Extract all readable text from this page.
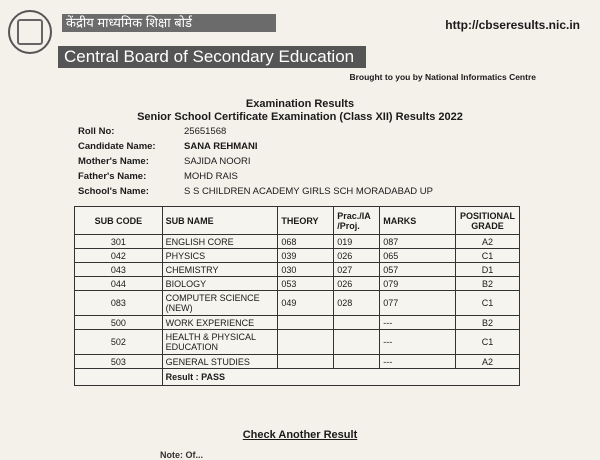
केंद्रीय माध्यमिक शिक्षा बोर्ड
Central Board of Secondary Education
http://cbseresults.nic.in
Brought to you by National Informatics Centre
Examination Results
Senior School Certificate Examination (Class XII) Results 2022
Roll No:	25651568
Candidate Name:	SANA REHMANI
Mother's Name:	SAJIDA NOORI
Father's Name:	MOHD RAIS
School's Name:	S S CHILDREN ACADEMY GIRLS SCH MORADABAD UP
SUB CODE	SUB NAME	THEORY	Prac./IA /Proj.	MARKS	POSITIONAL GRADE
301	ENGLISH CORE	068	019	087	A2
042	PHYSICS	039	026	065	C1
043	CHEMISTRY	030	027	057	D1
044	BIOLOGY	053	026	079	B2
083	COMPUTER SCIENCE (NEW)	049	028	077	C1
500	WORK EXPERIENCE			---	B2
502	HEALTH & PHYSICAL EDUCATION			---	C1
503	GENERAL STUDIES			---	A2
	Result : PASS				
Check Another Result
Note: Of...
